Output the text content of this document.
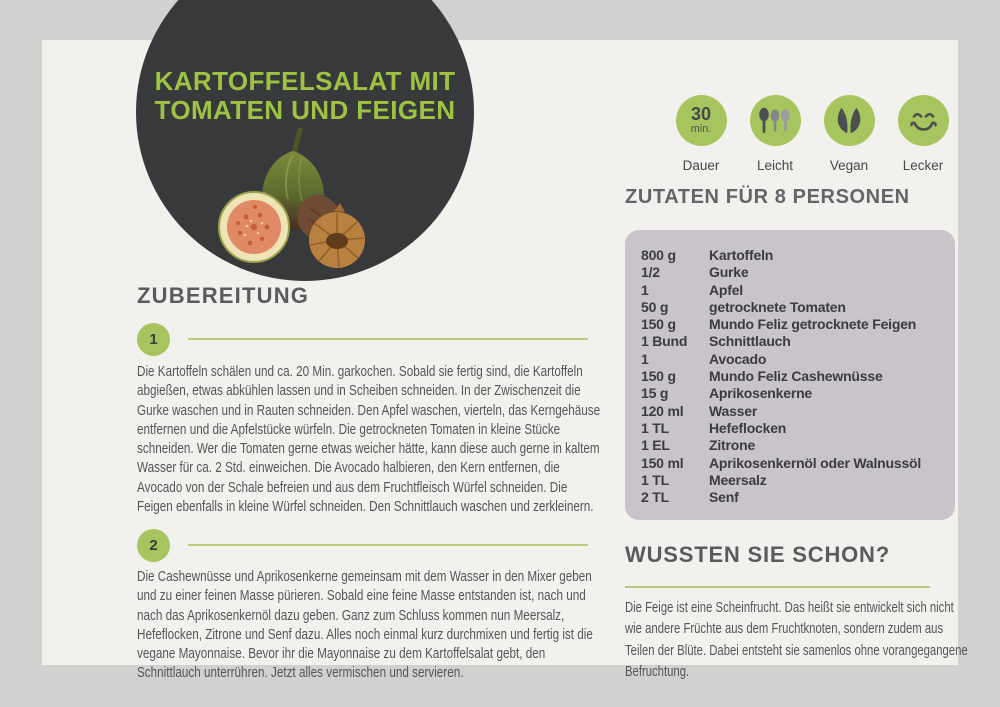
KARTOFFELSALAT MIT
TOMATEN UND FEIGEN	30
min.
Dauer	Leicht	Vegan	Lecker
ZUTATEN FÜR 8 PERSONEN
800 g	Kartoffeln
1/2	Gurke
1	Apfel
50 g	getrocknete Tomaten
150 g	Mundo Feliz getrocknete Feigen
1 Bund	Schnittlauch
1	Avocado
150 g	Mundo Feliz Cashewnüsse
15 g	Aprikosenkerne
120 ml	Wasser
1 TL	Hefeflocken
1 EL	Zitrone
150 ml	Aprikosenkernöl oder Walnussöl
1 TL	Meersalz
2 TL	Senf
ZUBEREITUNG
1
Die Kartoffeln schälen und ca. 20 Min. garkochen. Sobald sie fertig sind, die Kartoffeln abgießen, etwas abkühlen lassen und in Scheiben schneiden. In der Zwischenzeit die Gurke waschen und in Rauten schneiden. Den Apfel waschen, vierteln, das Kerngehäuse entfernen und die Apfelstücke würfeln. Die getrockneten Tomaten in kleine Stücke schneiden. Wer die Tomaten gerne etwas weicher hätte, kann diese auch gerne in kaltem Wasser für ca. 2 Std. einweichen. Die Avocado halbieren, den Kern entfernen, die Avocado von der Schale befreien und aus dem Fruchtfleisch Würfel schneiden. Die Feigen ebenfalls in kleine Würfel schneiden. Den Schnittlauch waschen und zerkleinern.
2
Die Cashewnüsse und Aprikosenkerne gemeinsam mit dem Wasser in den Mixer geben und zu einer feinen Masse pürieren. Sobald eine feine Masse entstanden ist, nach und nach das Aprikosenkernöl dazu geben. Ganz zum Schluss kommen nun Meersalz, Hefeflocken, Zitrone und Senf dazu. Alles noch einmal kurz durchmixen und fertig ist die vegane Mayonnaise. Bevor ihr die Mayonnaise zu dem Kartoffelsalat gebt, den Schnittlauch unterrühren. Jetzt alles vermischen und servieren.
WUSSTEN SIE SCHON?
Die Feige ist eine Scheinfrucht. Das heißt sie entwickelt sich nicht wie andere Früchte aus dem Fruchtknoten, sondern zudem aus Teilen der Blüte. Dabei entsteht sie samenlos ohne vorangegangene Befruchtung.
